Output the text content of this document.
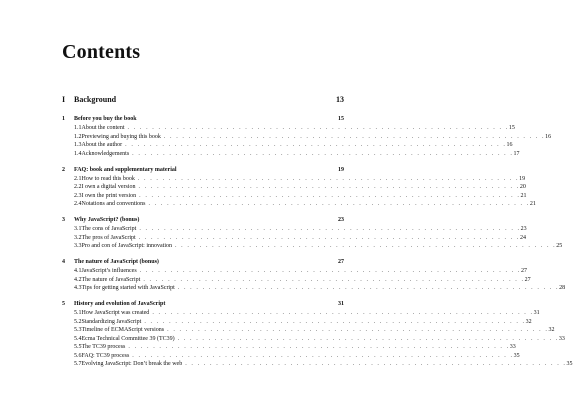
Contents
I	Background	13
1	Before you buy the book	15
1.1 About the content . . . . . . . . . . . . . . . . . . . . . . . . . . . . . . . . . . . . . . . . . . . . . . . . . . . . . . . . . . . . . . 15
1.2 Previewing and buying this book . . . . . . . . . . . . . . . . . . . . . . . . . . . . . . . . . . . . . . . . . . . . . . . . . . . . . . . . . . . . . . 16
1.3 About the author . . . . . . . . . . . . . . . . . . . . . . . . . . . . . . . . . . . . . . . . . . . . . . . . . . . . . . . . . . . . . . 16
1.4 Acknowledgements . . . . . . . . . . . . . . . . . . . . . . . . . . . . . . . . . . . . . . . . . . . . . . . . . . . . . . . . . . . . . . 17
2	FAQ: book and supplementary material	19
2.1 How to read this book . . . . . . . . . . . . . . . . . . . . . . . . . . . . . . . . . . . . . . . . . . . . . . . . . . . . . . . . . . . . . . 19
2.2 I own a digital version . . . . . . . . . . . . . . . . . . . . . . . . . . . . . . . . . . . . . . . . . . . . . . . . . . . . . . . . . . . . . . 20
2.3 I own the print version . . . . . . . . . . . . . . . . . . . . . . . . . . . . . . . . . . . . . . . . . . . . . . . . . . . . . . . . . . . . . . 21
2.4 Notations and conventions . . . . . . . . . . . . . . . . . . . . . . . . . . . . . . . . . . . . . . . . . . . . . . . . . . . . . . . . . . . . . . 21
3	Why JavaScript? (bonus)	23
3.1 The cons of JavaScript . . . . . . . . . . . . . . . . . . . . . . . . . . . . . . . . . . . . . . . . . . . . . . . . . . . . . . . . . . . . . . 23
3.2 The pros of JavaScript . . . . . . . . . . . . . . . . . . . . . . . . . . . . . . . . . . . . . . . . . . . . . . . . . . . . . . . . . . . . . . 24
3.3 Pro and con of JavaScript: innovation . . . . . . . . . . . . . . . . . . . . . . . . . . . . . . . . . . . . . . . . . . . . . . . . . . . . . . . . . . . . . . 25
4	The nature of JavaScript (bonus)	27
4.1 JavaScript’s influences . . . . . . . . . . . . . . . . . . . . . . . . . . . . . . . . . . . . . . . . . . . . . . . . . . . . . . . . . . . . . . 27
4.2 The nature of JavaScript . . . . . . . . . . . . . . . . . . . . . . . . . . . . . . . . . . . . . . . . . . . . . . . . . . . . . . . . . . . . . . 27
4.3 Tips for getting started with JavaScript . . . . . . . . . . . . . . . . . . . . . . . . . . . . . . . . . . . . . . . . . . . . . . . . . . . . . . . . . . . . . . 28
5	History and evolution of JavaScript	31
5.1 How JavaScript was created . . . . . . . . . . . . . . . . . . . . . . . . . . . . . . . . . . . . . . . . . . . . . . . . . . . . . . . . . . . . . . 31
5.2 Standardizing JavaScript . . . . . . . . . . . . . . . . . . . . . . . . . . . . . . . . . . . . . . . . . . . . . . . . . . . . . . . . . . . . . . 32
5.3 Timeline of ECMAScript versions . . . . . . . . . . . . . . . . . . . . . . . . . . . . . . . . . . . . . . . . . . . . . . . . . . . . . . . . . . . . . . 32
5.4 Ecma Technical Committee 39 (TC39) . . . . . . . . . . . . . . . . . . . . . . . . . . . . . . . . . . . . . . . . . . . . . . . . . . . . . . . . . . . . . . 33
5.5 The TC39 process . . . . . . . . . . . . . . . . . . . . . . . . . . . . . . . . . . . . . . . . . . . . . . . . . . . . . . . . . . . . . . 33
5.6 FAQ: TC39 process . . . . . . . . . . . . . . . . . . . . . . . . . . . . . . . . . . . . . . . . . . . . . . . . . . . . . . . . . . . . . . 35
5.7 Evolving JavaScript: Don’t break the web . . . . . . . . . . . . . . . . . . . . . . . . . . . . . . . . . . . . . . . . . . . . . . . . . . . . . . . . . . . . . . 35
